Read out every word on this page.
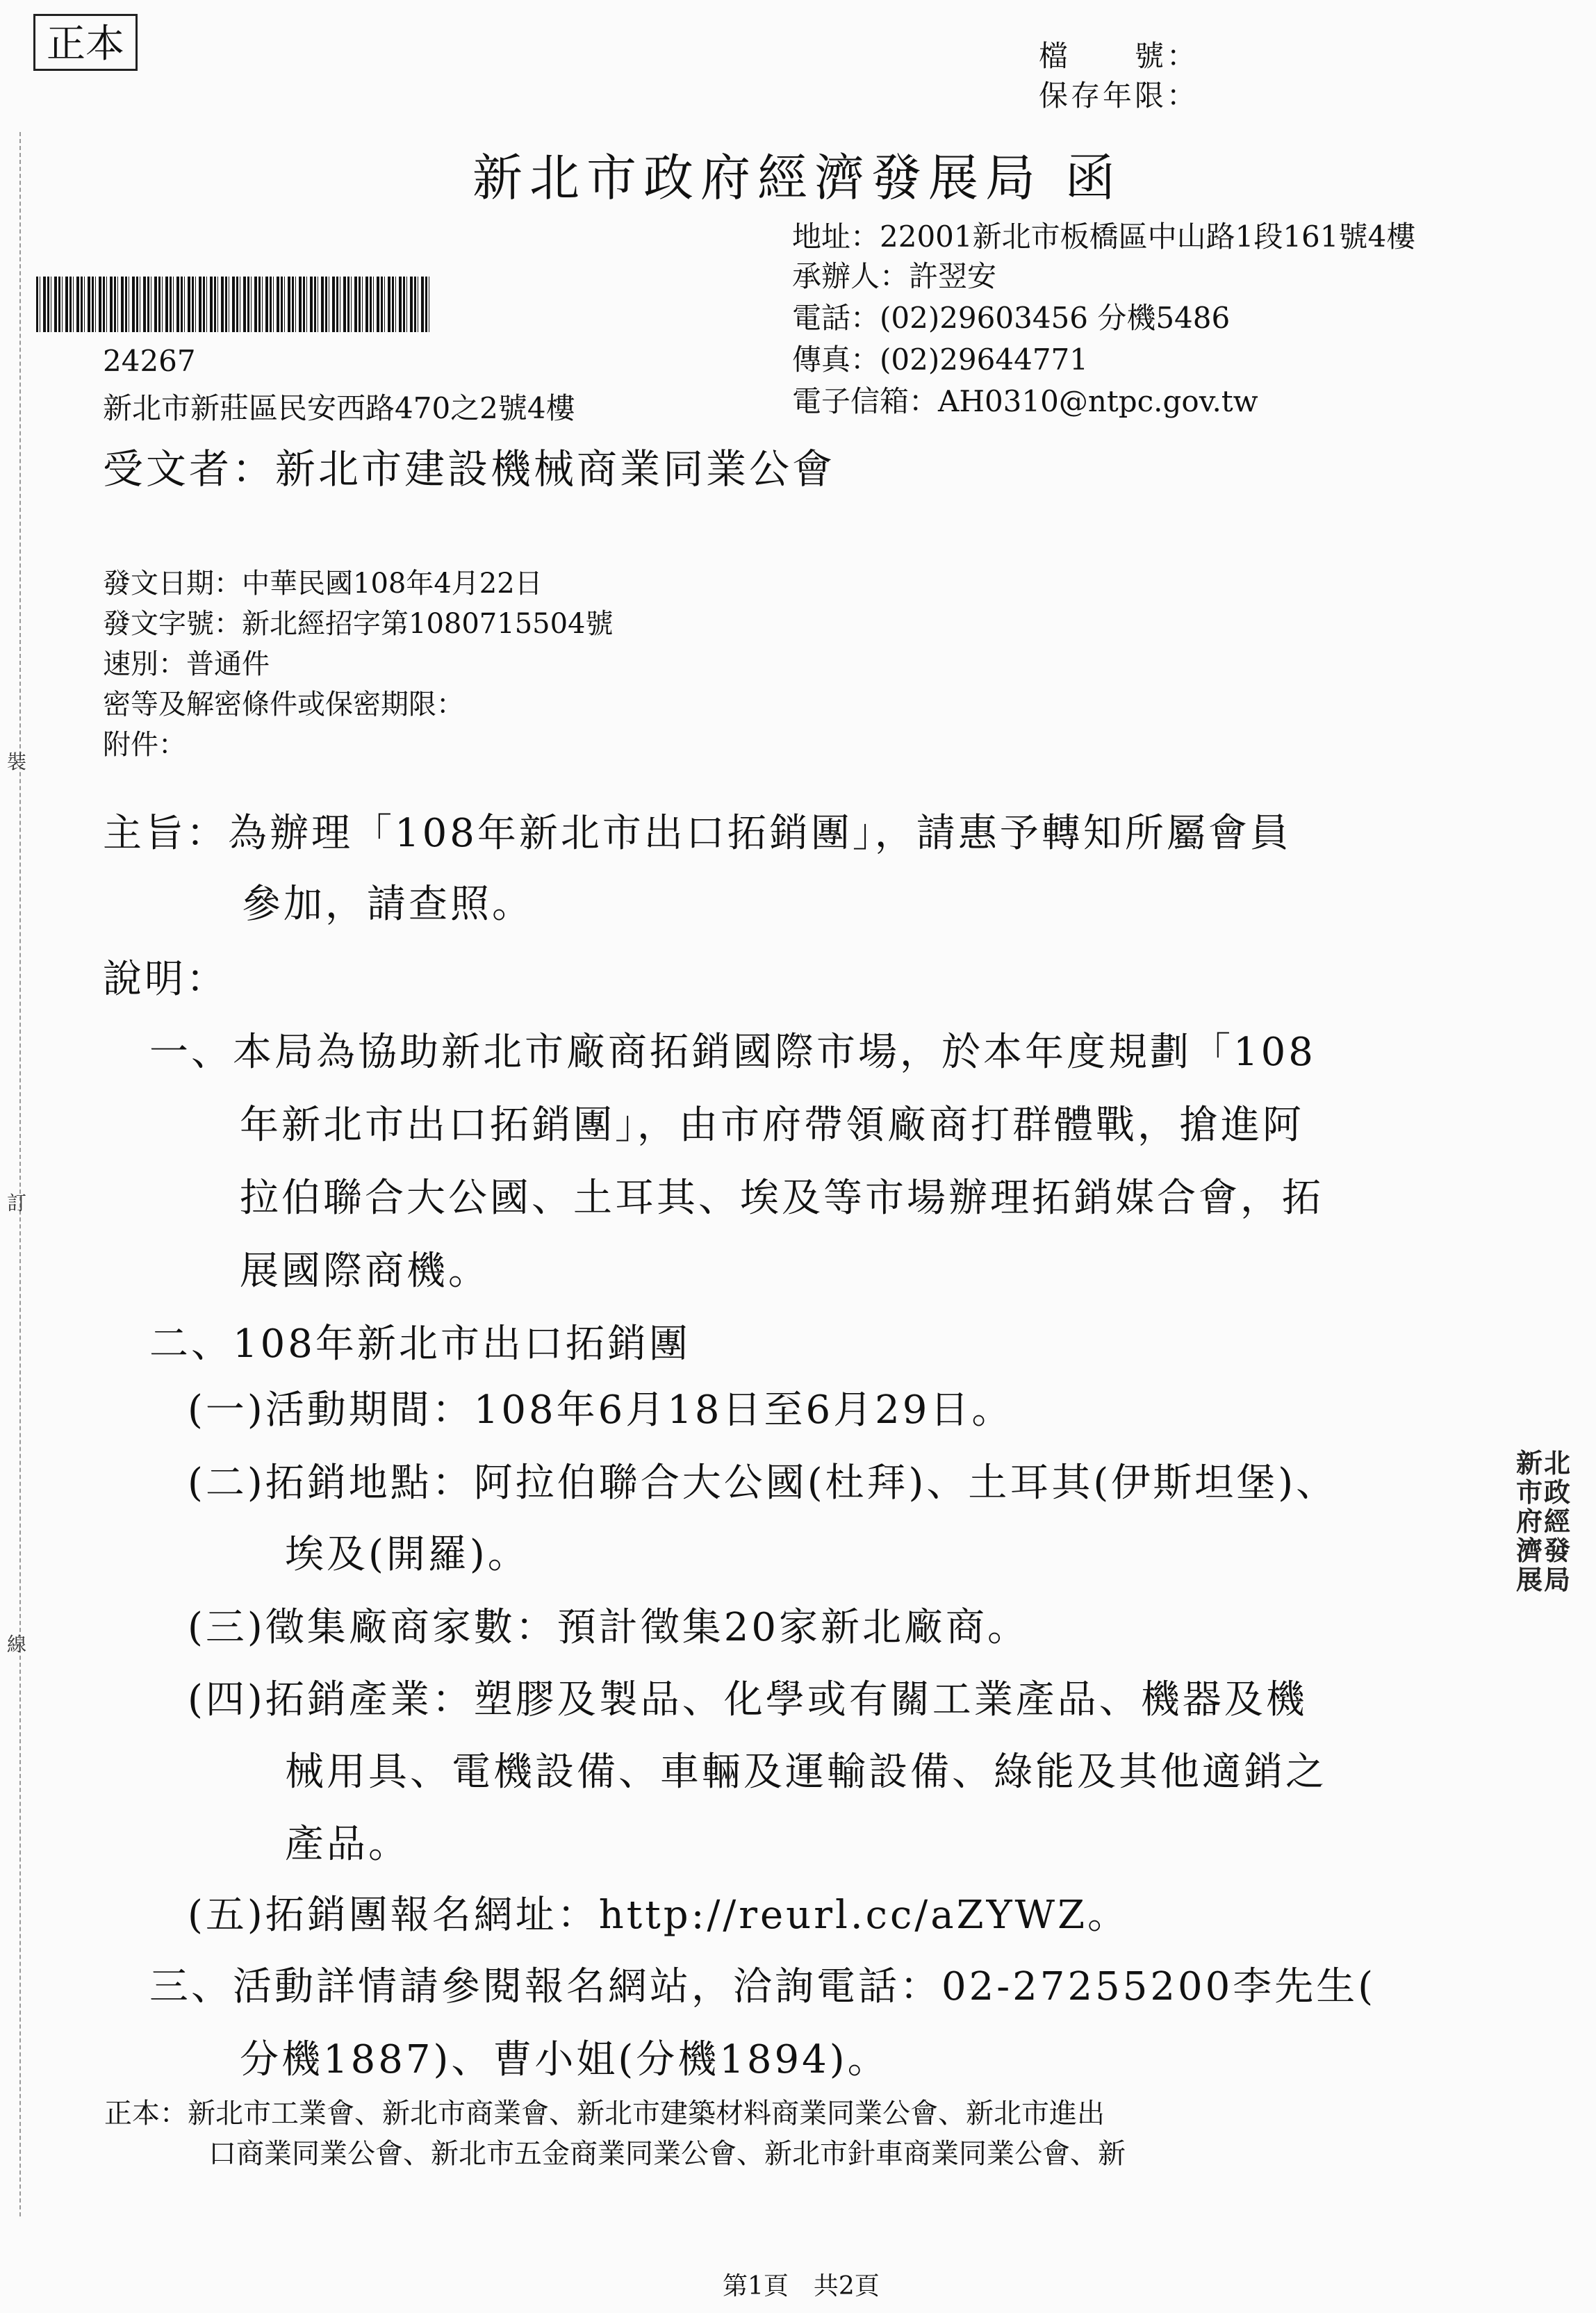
裝
訂
線
正本	檔　　號：
保存年限：
新北市政府經濟發展局 函
地址：22001新北市板橋區中山路1段161號4樓
承辦人：許翌安
電話：(02)29603456 分機5486
傳真：(02)29644771
電子信箱：AH0310@ntpc.gov.tw
24267
新北市新莊區民安西路470之2號4樓
受文者：新北市建設機械商業同業公會
發文日期：中華民國108年4月22日
發文字號：新北經招字第1080715504號
速別：普通件
密等及解密條件或保密期限：
附件：
主旨：為辦理「108年新北市出口拓銷團」，請惠予轉知所屬會員
參加，請查照。
說明：
一、本局為協助新北市廠商拓銷國際市場，於本年度規劃「108
年新北市出口拓銷團」，由市府帶領廠商打群體戰，搶進阿
拉伯聯合大公國、土耳其、埃及等市場辦理拓銷媒合會，拓
展國際商機。
二、108年新北市出口拓銷團
(一)活動期間：108年6月18日至6月29日。
(二)拓銷地點：阿拉伯聯合大公國(杜拜)、土耳其(伊斯坦堡)、
埃及(開羅)。
(三)徵集廠商家數：預計徵集20家新北廠商。
(四)拓銷產業：塑膠及製品、化學或有關工業產品、機器及機
械用具、電機設備、車輛及運輸設備、綠能及其他適銷之
產品。
(五)拓銷團報名網址：http://reurl.cc/aZYWZ。
三、活動詳情請參閱報名網站，洽詢電話：02-27255200李先生(
分機1887)、曹小姐(分機1894)。
正本：新北市工業會、新北市商業會、新北市建築材料商業同業公會、新北市進出
口商業同業公會、新北市五金商業同業公會、新北市針車商業同業公會、新
新北市政府經濟發展局
第1頁　共2頁
